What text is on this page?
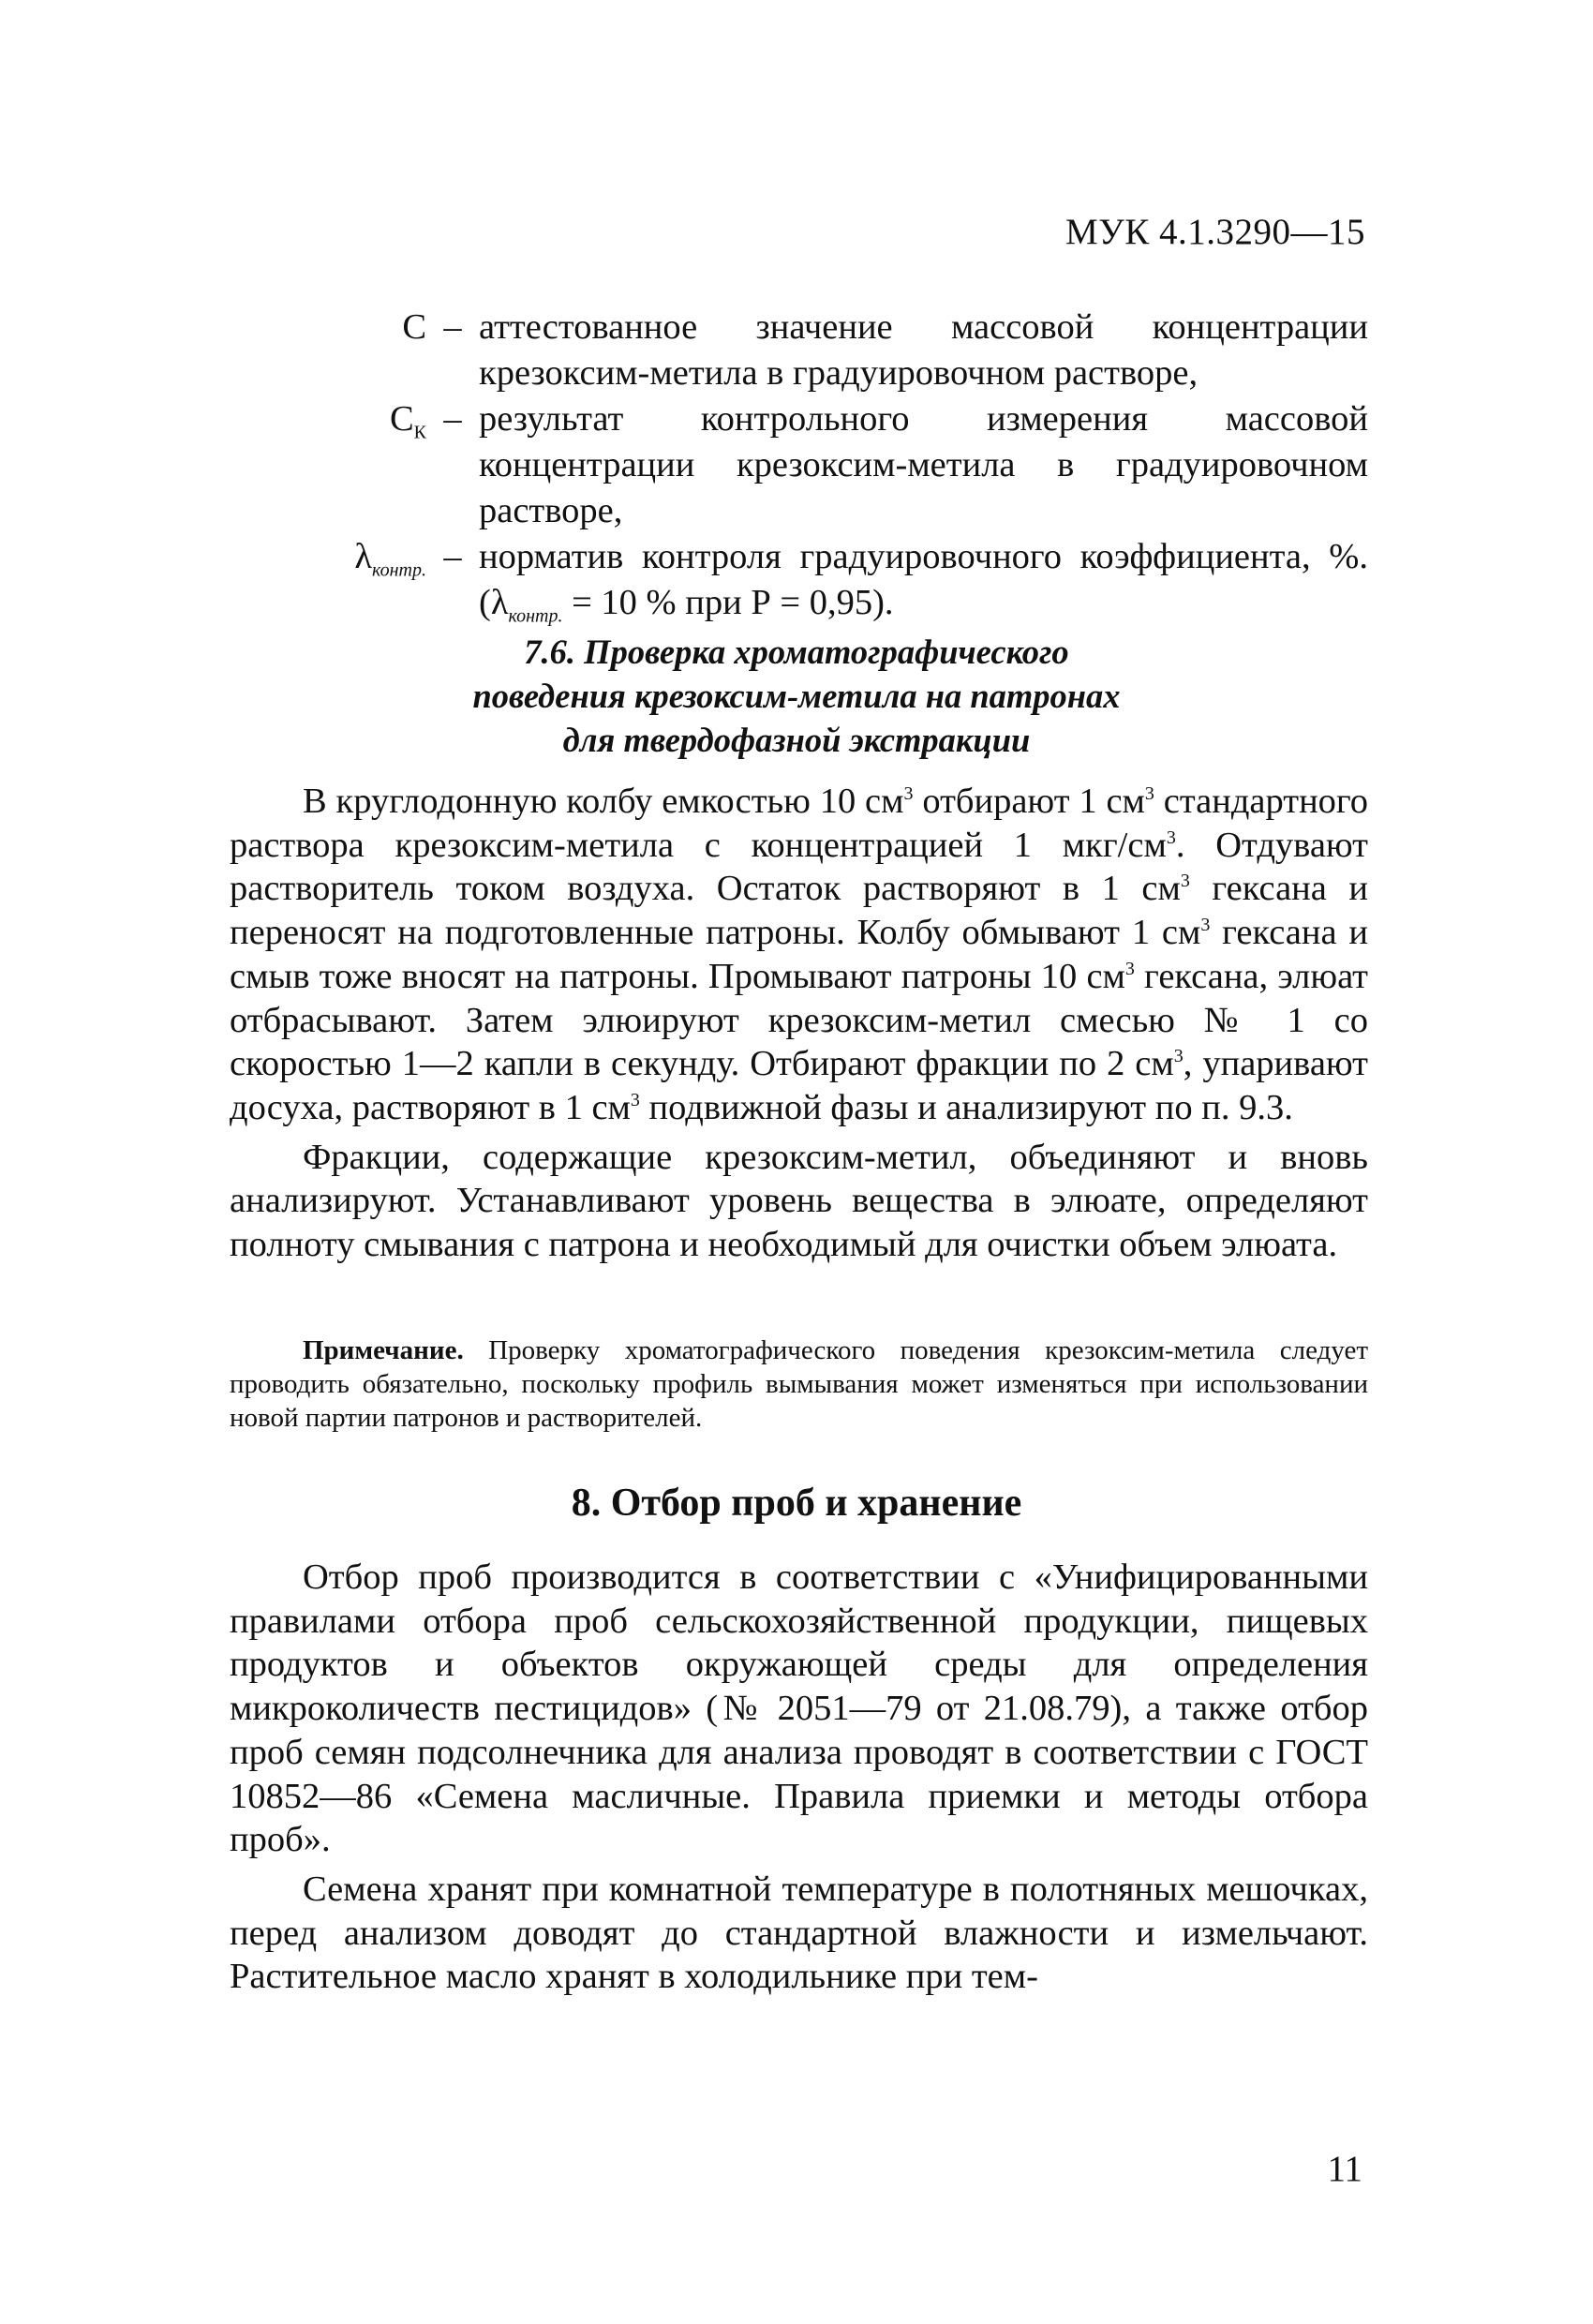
МУК 4.1.3290—15
C – аттестованное значение массовой концентрации крезоксим-метила в градуировочном растворе,
$C_К$ – результат контрольного измерения массовой концентрации крезоксим-метила в градуировочном растворе,
$\lambda_{контр.}$ – норматив контроля градуировочного коэффициента, %. ($\lambda_{контр.} = 10$ % при Р = 0,95).
7.6. Проверка хроматографического
поведения крезоксим-метила на патронах
для твердофазной экстракции

В круглодонную колбу емкостью 10 $см^3$ отбирают 1 $см^3$ стандартного раствора крезоксим-метила с концентрацией 1 мкг/$см^3$. Отдувают растворитель током воздуха. Остаток растворяют в 1 $см^3$ гексана и переносят на подготовленные патроны. Колбу обмывают 1 $см^3$ гексана и смыв тоже вносят на патроны. Промывают патроны 10 $см^3$ гексана, элюат отбрасывают. Затем элюируют крезоксим-метил смесью № 1 со скоростью 1—2 капли в секунду. Отбирают фракции по 2 $см^3$, упаривают досуха, растворяют в 1 $см^3$ подвижной фазы и анализируют по п. 9.3.

Фракции, содержащие крезоксим-метил, объединяют и вновь анализируют. Устанавливают уровень вещества в элюате, определяют полноту смывания с патрона и необходимый для очистки объем элюата.

Примечание. Проверку хроматографического поведения крезоксим-метила следует проводить обязательно, поскольку профиль вымывания может изменяться при использовании новой партии патронов и растворителей.

8. Отбор проб и хранение

Отбор проб производится в соответствии с «Унифицированными правилами отбора проб сельскохозяйственной продукции, пищевых продуктов и объектов окружающей среды для определения микроколичеств пестицидов» (№ 2051—79 от 21.08.79), а также отбор проб семян подсолнечника для анализа проводят в соответствии с ГОСТ 10852—86 «Семена масличные. Правила приемки и методы отбора проб».

Семена хранят при комнатной температуре в полотняных мешочках, перед анализом доводят до стандартной влажности и измельчают. Растительное масло хранят в холодильнике при тем-

11
